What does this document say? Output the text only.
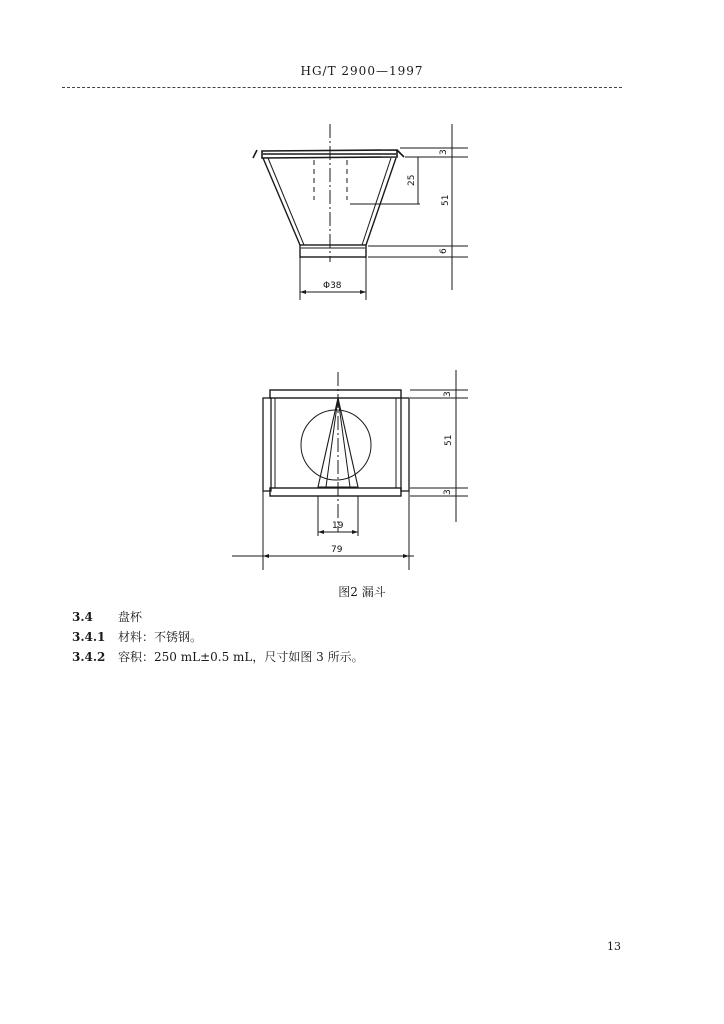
HG/T 2900—1997
3
25
51
6
Φ38
3
51
3
19
79
图2 漏斗
3.4 盘杯
3.4.1 材料：不锈钢。
3.4.2 容积：250 mL±0.5 mL，尺寸如图 3 所示。
13
